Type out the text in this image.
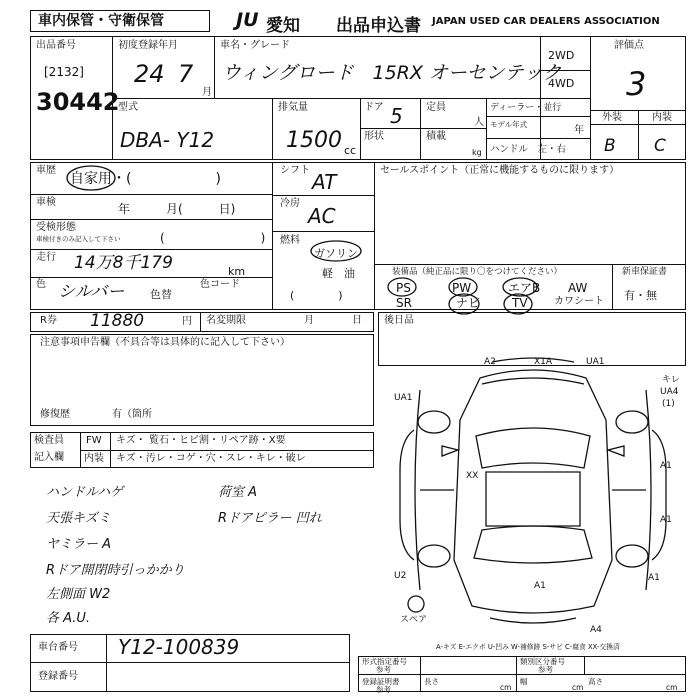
車内保管・守衛保管	JU 愛知 出品申込書 JAPAN USED CAR DEALERS ASSOCIATION
出品番号
[2132]
30442
初度登録年月
24 7
月
車名・グレード
ウィングロード　15RX オーセンテック
2WD
4WD
評価点
3
型式
DBA- Y12
排気量
1500 cc
ドア 5 定員
人
形状	積載
kg
ディーラー・並行
モデル年式
年
ハンドル　左・右
外装	内装
B C
車歴
自家用・(　　　　　　)
車検	年　　　月(　　　日)
受検形態
車検付きのみ記入して下さい	(　　　　　　　　)
走行 14万8千179	km
色 シルバー 色替
色コード
シフト AT
冷房
AC
燃料
ガソリン
軽　油
(　　　　)
セールスポイント（正常に機能するものに限ります）
装備品（純正品に限り〇をつけてください）
PS	PW	エアB AW
SR	ナビ	TV	カワシート
新車保証書
有・無
R券 11880	円 名変期限	月	日 後日品
注意事項申告欄（不具合等は具体的に記入して下さい）
修復歴	有（箇所
検査員
記入欄
FW キズ・ 覧石・ヒビ割・リペア跡・X要
内装 キズ・汚レ・コゲ・穴・スレ・キレ・破レ
ハンドルハゲ
天張キズミ
ヤミラー A
Rドア開閉時引っかかり
左側面 W2
各 A.U.
荷室 A
Rドアピラー 凹れ
A2	X1A	UA1
UA1
U2
キレ
UA4
(1)
A1
A1
A1
XX
A1
スペア
A4
A-キズ E-エクボ U-凹み W-補修跡 S-サビ C-腐食 XX-交換済
車台番号 Y12-100839
登録番号
形式指定番号
参考
類別区分番号
参考
登録証明書
参考
長さ
cm
幅
cm
高さ
cm
